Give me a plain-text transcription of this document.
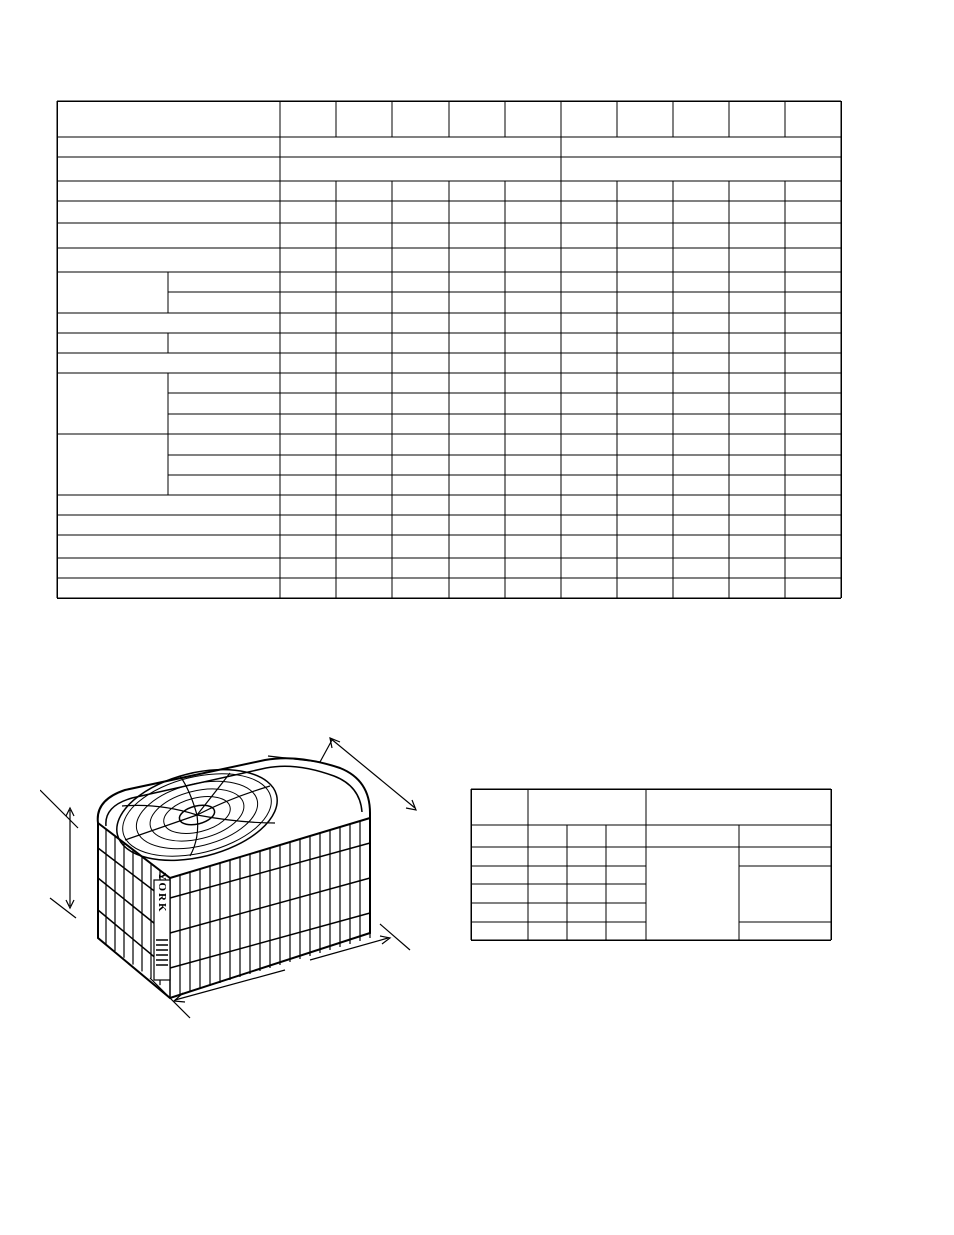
YORK
